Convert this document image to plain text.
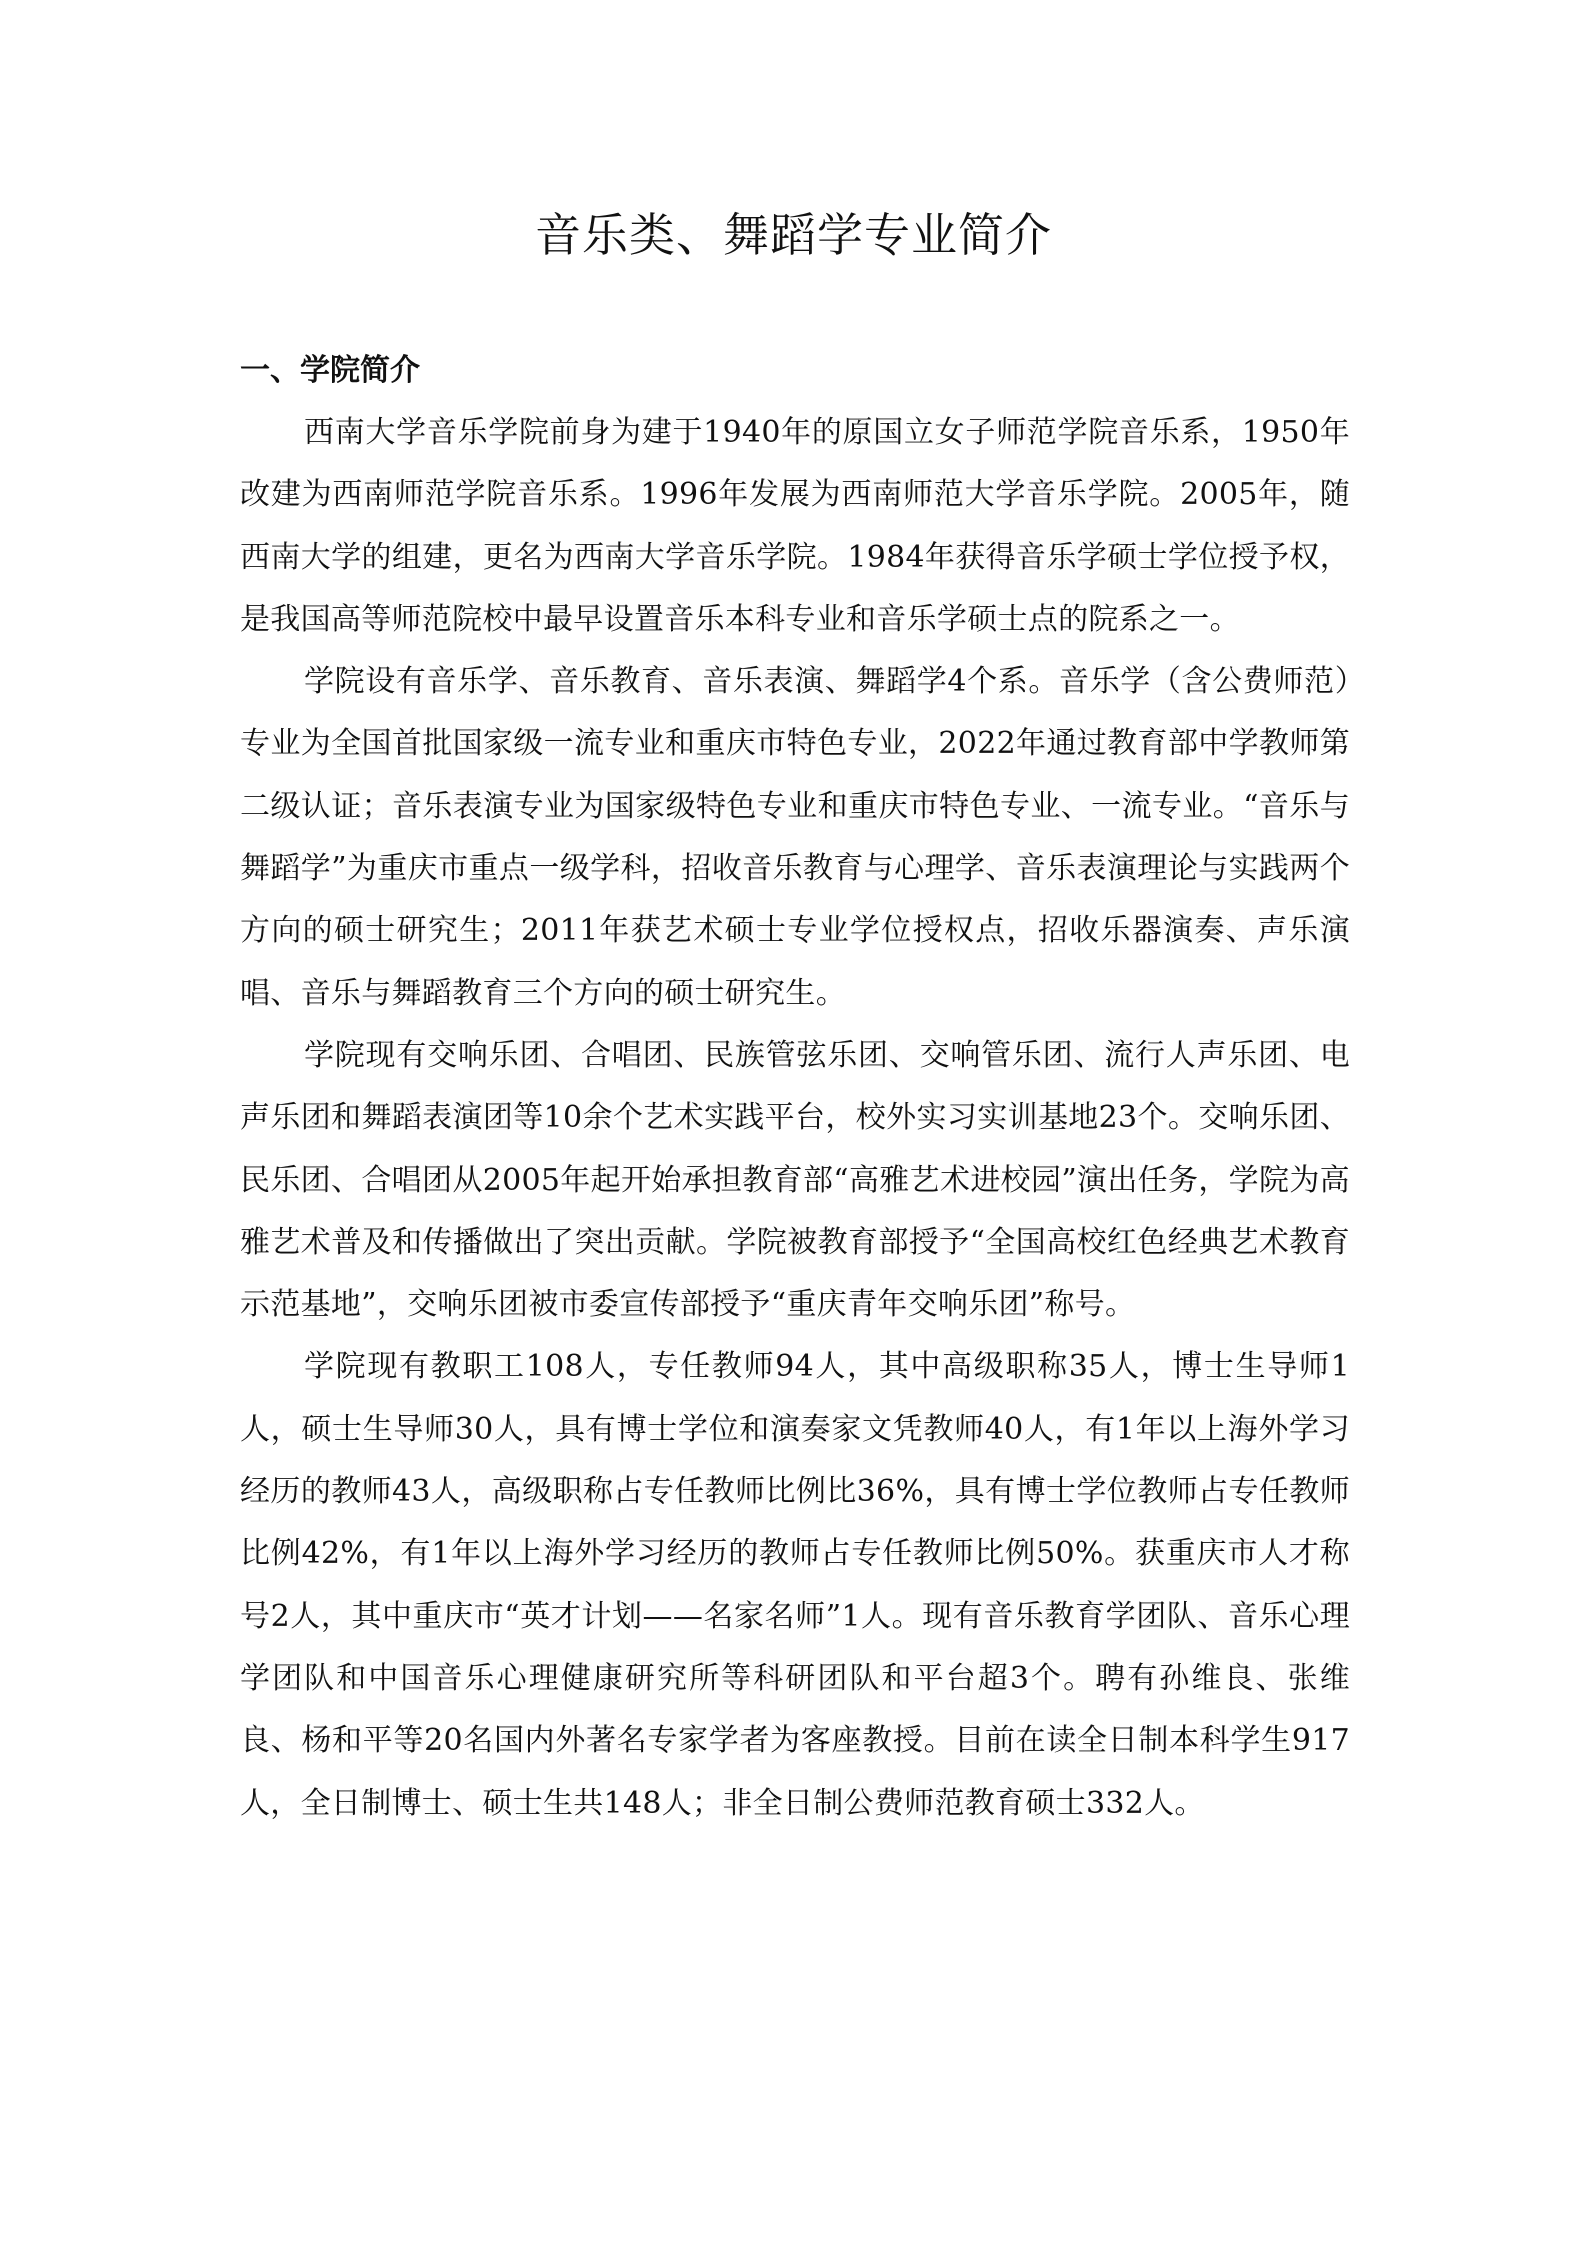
音乐类、舞蹈学专业简介
一、学院简介

西南大学音乐学院前身为建于1940年的原国立女子师范学院音乐系，1950年改建为西南师范学院音乐系。1996年发展为西南师范大学音乐学院。2005年，随西南大学的组建，更名为西南大学音乐学院。1984年获得音乐学硕士学位授予权，是我国高等师范院校中最早设置音乐本科专业和音乐学硕士点的院系之一。

学院设有音乐学、音乐教育、音乐表演、舞蹈学4个系。音乐学（含公费师范）专业为全国首批国家级一流专业和重庆市特色专业，2022年通过教育部中学教师第二级认证；音乐表演专业为国家级特色专业和重庆市特色专业、一流专业。“音乐与舞蹈学”为重庆市重点一级学科，招收音乐教育与心理学、音乐表演理论与实践两个方向的硕士研究生；2011年获艺术硕士专业学位授权点，招收乐器演奏、声乐演唱、音乐与舞蹈教育三个方向的硕士研究生。

学院现有交响乐团、合唱团、民族管弦乐团、交响管乐团、流行人声乐团、电声乐团和舞蹈表演团等10余个艺术实践平台，校外实习实训基地23个。交响乐团、民乐团、合唱团从2005年起开始承担教育部“高雅艺术进校园”演出任务，学院为高雅艺术普及和传播做出了突出贡献。学院被教育部授予“全国高校红色经典艺术教育示范基地”，交响乐团被市委宣传部授予“重庆青年交响乐团”称号。

学院现有教职工108人，专任教师94人，其中高级职称35人，博士生导师1人，硕士生导师30人，具有博士学位和演奏家文凭教师40人，有1年以上海外学习经历的教师43人，高级职称占专任教师比例比36%，具有博士学位教师占专任教师比例42%，有1年以上海外学习经历的教师占专任教师比例50%。获重庆市人才称号2人，其中重庆市“英才计划——名家名师”1人。现有音乐教育学团队、音乐心理学团队和中国音乐心理健康研究所等科研团队和平台超3个。聘有孙维良、张维良、杨和平等20名国内外著名专家学者为客座教授。目前在读全日制本科学生917人，全日制博士、硕士生共148人；非全日制公费师范教育硕士332人。
